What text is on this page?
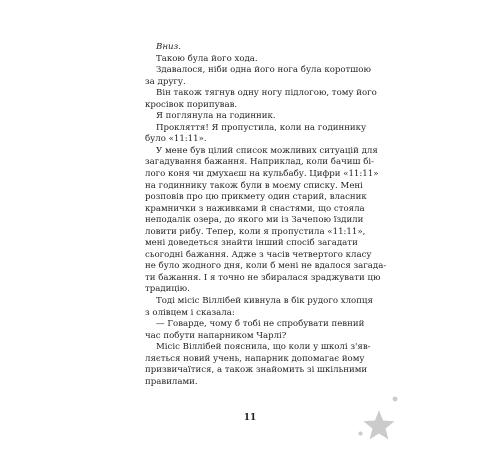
Вниз.
Такою була його хода.
Здавалося, ніби одна його нога була коротшою
за другу.
Він також тягнув одну ногу підлогою, тому його
кросівок порипував.
Я поглянула на годинник.
Прокляття! Я пропустила, коли на годиннику
було «11:11».
У мене був цілий список можливих ситуацій для
загадування бажання. Наприклад, коли бачиш бі-
лого коня чи дмухаєш на кульбабу. Цифри «11:11»
на годиннику також були в моєму списку. Мені
розповів про цю прикмету один старий, власник
крамнички з наживками й снастями, що стояла
неподалік озера, до якого ми із Зачепою їздили
ловити рибу. Тепер, коли я пропустила «11:11»,
мені доведеться знайти інший спосіб загадати
сьогодні бажання. Адже з часів четвертого класу
не було жодного дня, коли б мені не вдалося загада-
ти бажання. І я точно не збиралася зраджувати цю
традицію.
Тоді місіс Віллібей кивнула в бік рудого хлопця
з олівцем і сказала:
— Говарде, чому б тобі не спробувати певний
час побути напарником Чарлі?
Місіс Віллібей пояснила, що коли у школі з'яв-
ляється новий учень, напарник допомагає йому
призвичаїтися, а також знайомить зі шкільними
правилами.
11
